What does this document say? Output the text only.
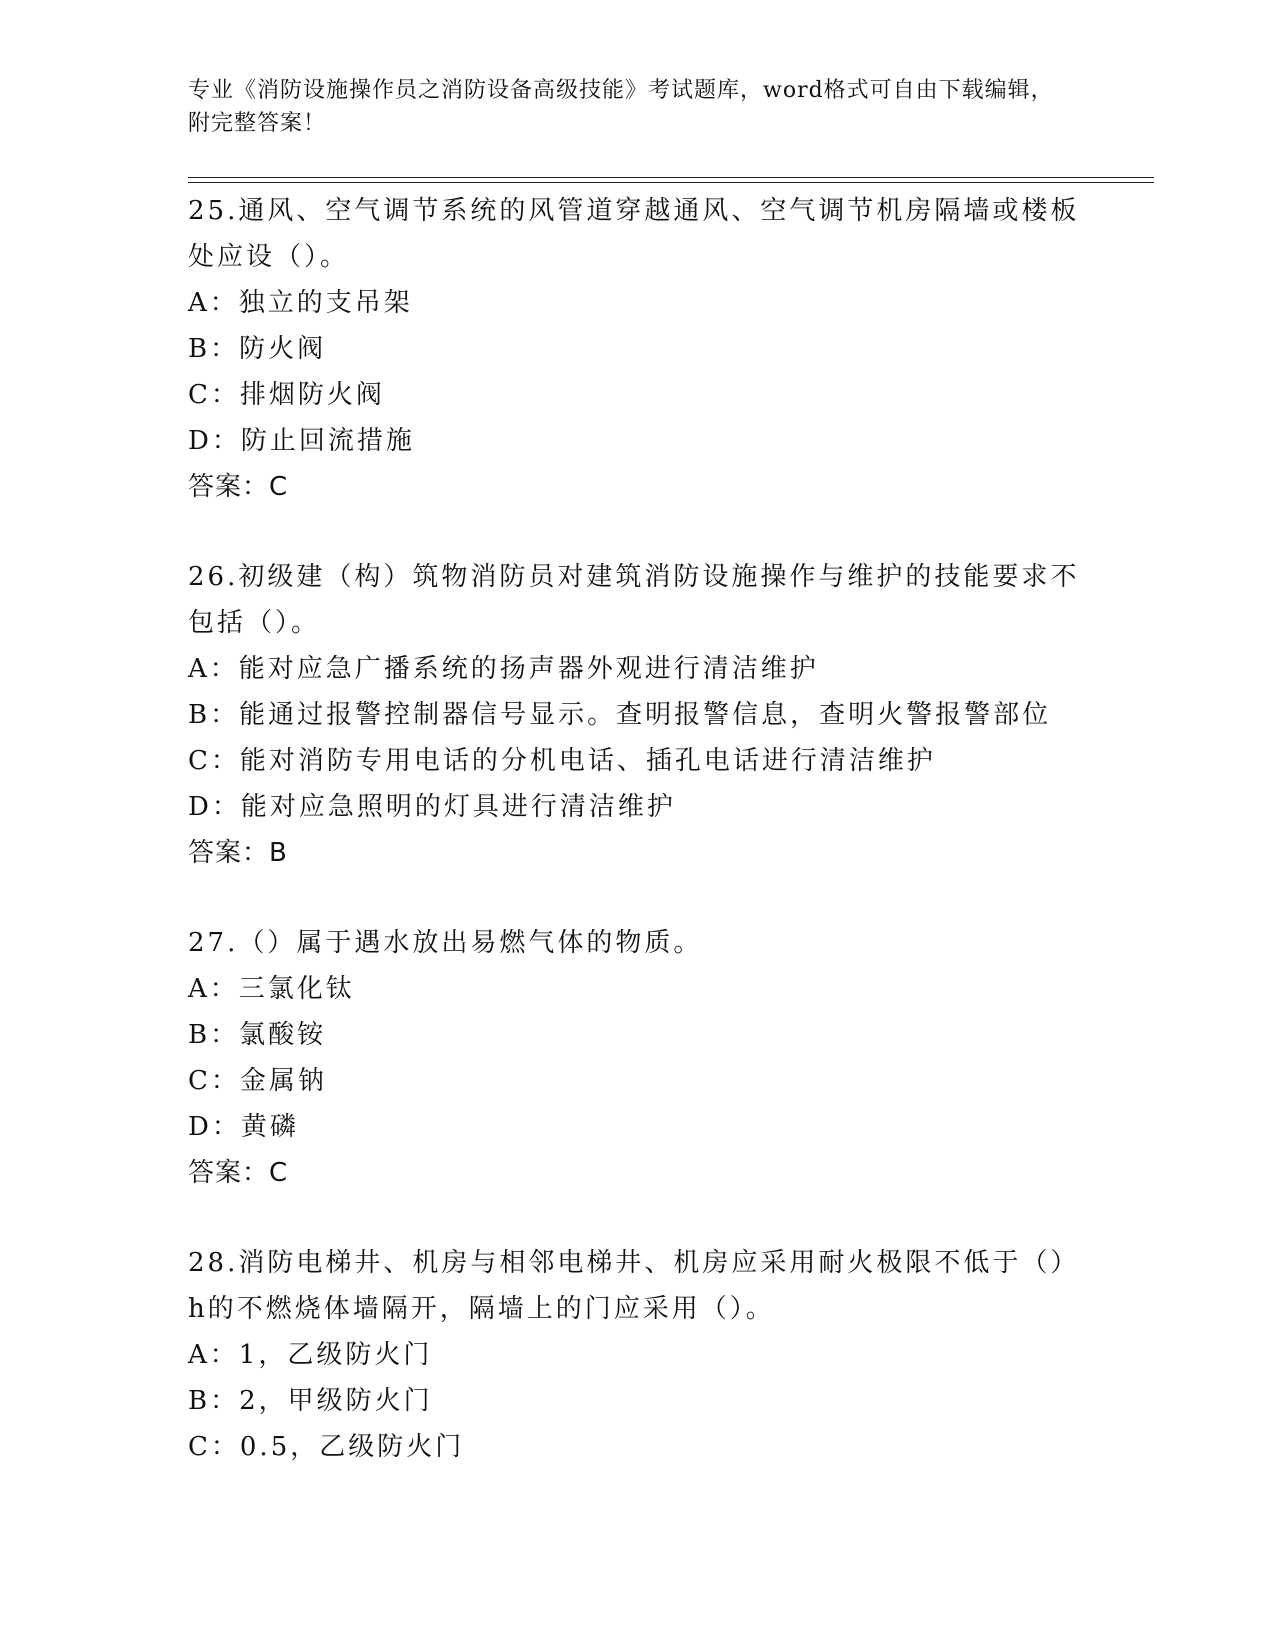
专业《消防设施操作员之消防设备高级技能》考试题库，word格式可自由下载编辑，附完整答案！

25.通风、空气调节系统的风管道穿越通风、空气调节机房隔墙或楼板处应设（）。

A：独立的支吊架

B：防火阀

C：排烟防火阀

D：防止回流措施

答案：C

26.初级建（构）筑物消防员对建筑消防设施操作与维护的技能要求不包括（）。

A：能对应急广播系统的扬声器外观进行清洁维护

B：能通过报警控制器信号显示。查明报警信息，查明火警报警部位

C：能对消防专用电话的分机电话、插孔电话进行清洁维护

D：能对应急照明的灯具进行清洁维护

答案：B

27.（）属于遇水放出易燃气体的物质。

A：三氯化钛

B：氯酸铵

C：金属钠

D：黄磷

答案：C

28.消防电梯井、机房与相邻电梯井、机房应采用耐火极限不低于（）h的不燃烧体墙隔开，隔墙上的门应采用（）。

A：1，乙级防火门

B：2，甲级防火门

C：0.5，乙级防火门
